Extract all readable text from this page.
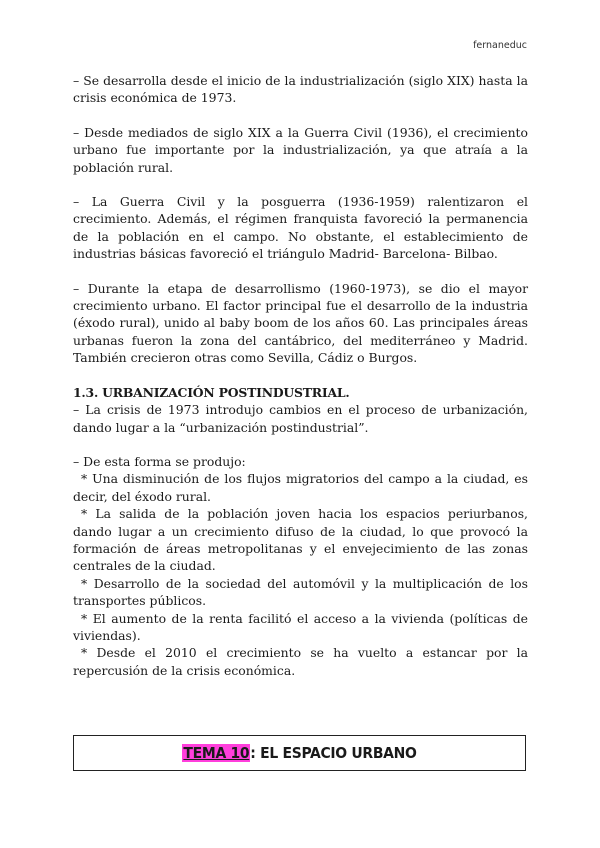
fernaneduc

– Se desarrolla desde el inicio de la industrialización (siglo XIX) hasta la crisis económica de 1973.

– Desde mediados de siglo XIX a la Guerra Civil (1936), el crecimiento urbano fue importante por la industrialización, ya que atraía a la población rural.

– La Guerra Civil y la posguerra (1936-1959) ralentizaron el crecimiento. Además, el régimen franquista favoreció la permanencia de la población en el campo. No obstante, el establecimiento de industrias básicas favoreció el triángulo Madrid- Barcelona- Bilbao.

– Durante la etapa de desarrollismo (1960-1973), se dio el mayor crecimiento urbano. El factor principal fue el desarrollo de la industria (éxodo rural), unido al baby boom de los años 60. Las principales áreas urbanas fueron la zona del cantábrico, del mediterráneo y Madrid. También crecieron otras como Sevilla, Cádiz o Burgos.

1.3. URBANIZACIÓN POSTINDUSTRIAL.

– La crisis de 1973 introdujo cambios en el proceso de urbanización, dando lugar a la “urbanización postindustrial”.

– De esta forma se produjo:

* Una disminución de los flujos migratorios del campo a la ciudad, es decir, del éxodo rural.

* La salida de la población joven hacia los espacios periurbanos, dando lugar a un crecimiento difuso de la ciudad, lo que provocó la formación de áreas metropolitanas y el envejecimiento de las zonas centrales de la ciudad.

* Desarrollo de la sociedad del automóvil y la multiplicación de los transportes públicos.

* El aumento de la renta facilitó el acceso a la vivienda (políticas de viviendas).

* Desde el 2010 el crecimiento se ha vuelto a estancar por la repercusión de la crisis económica.

TEMA 10 : EL ESPACIO URBANO
